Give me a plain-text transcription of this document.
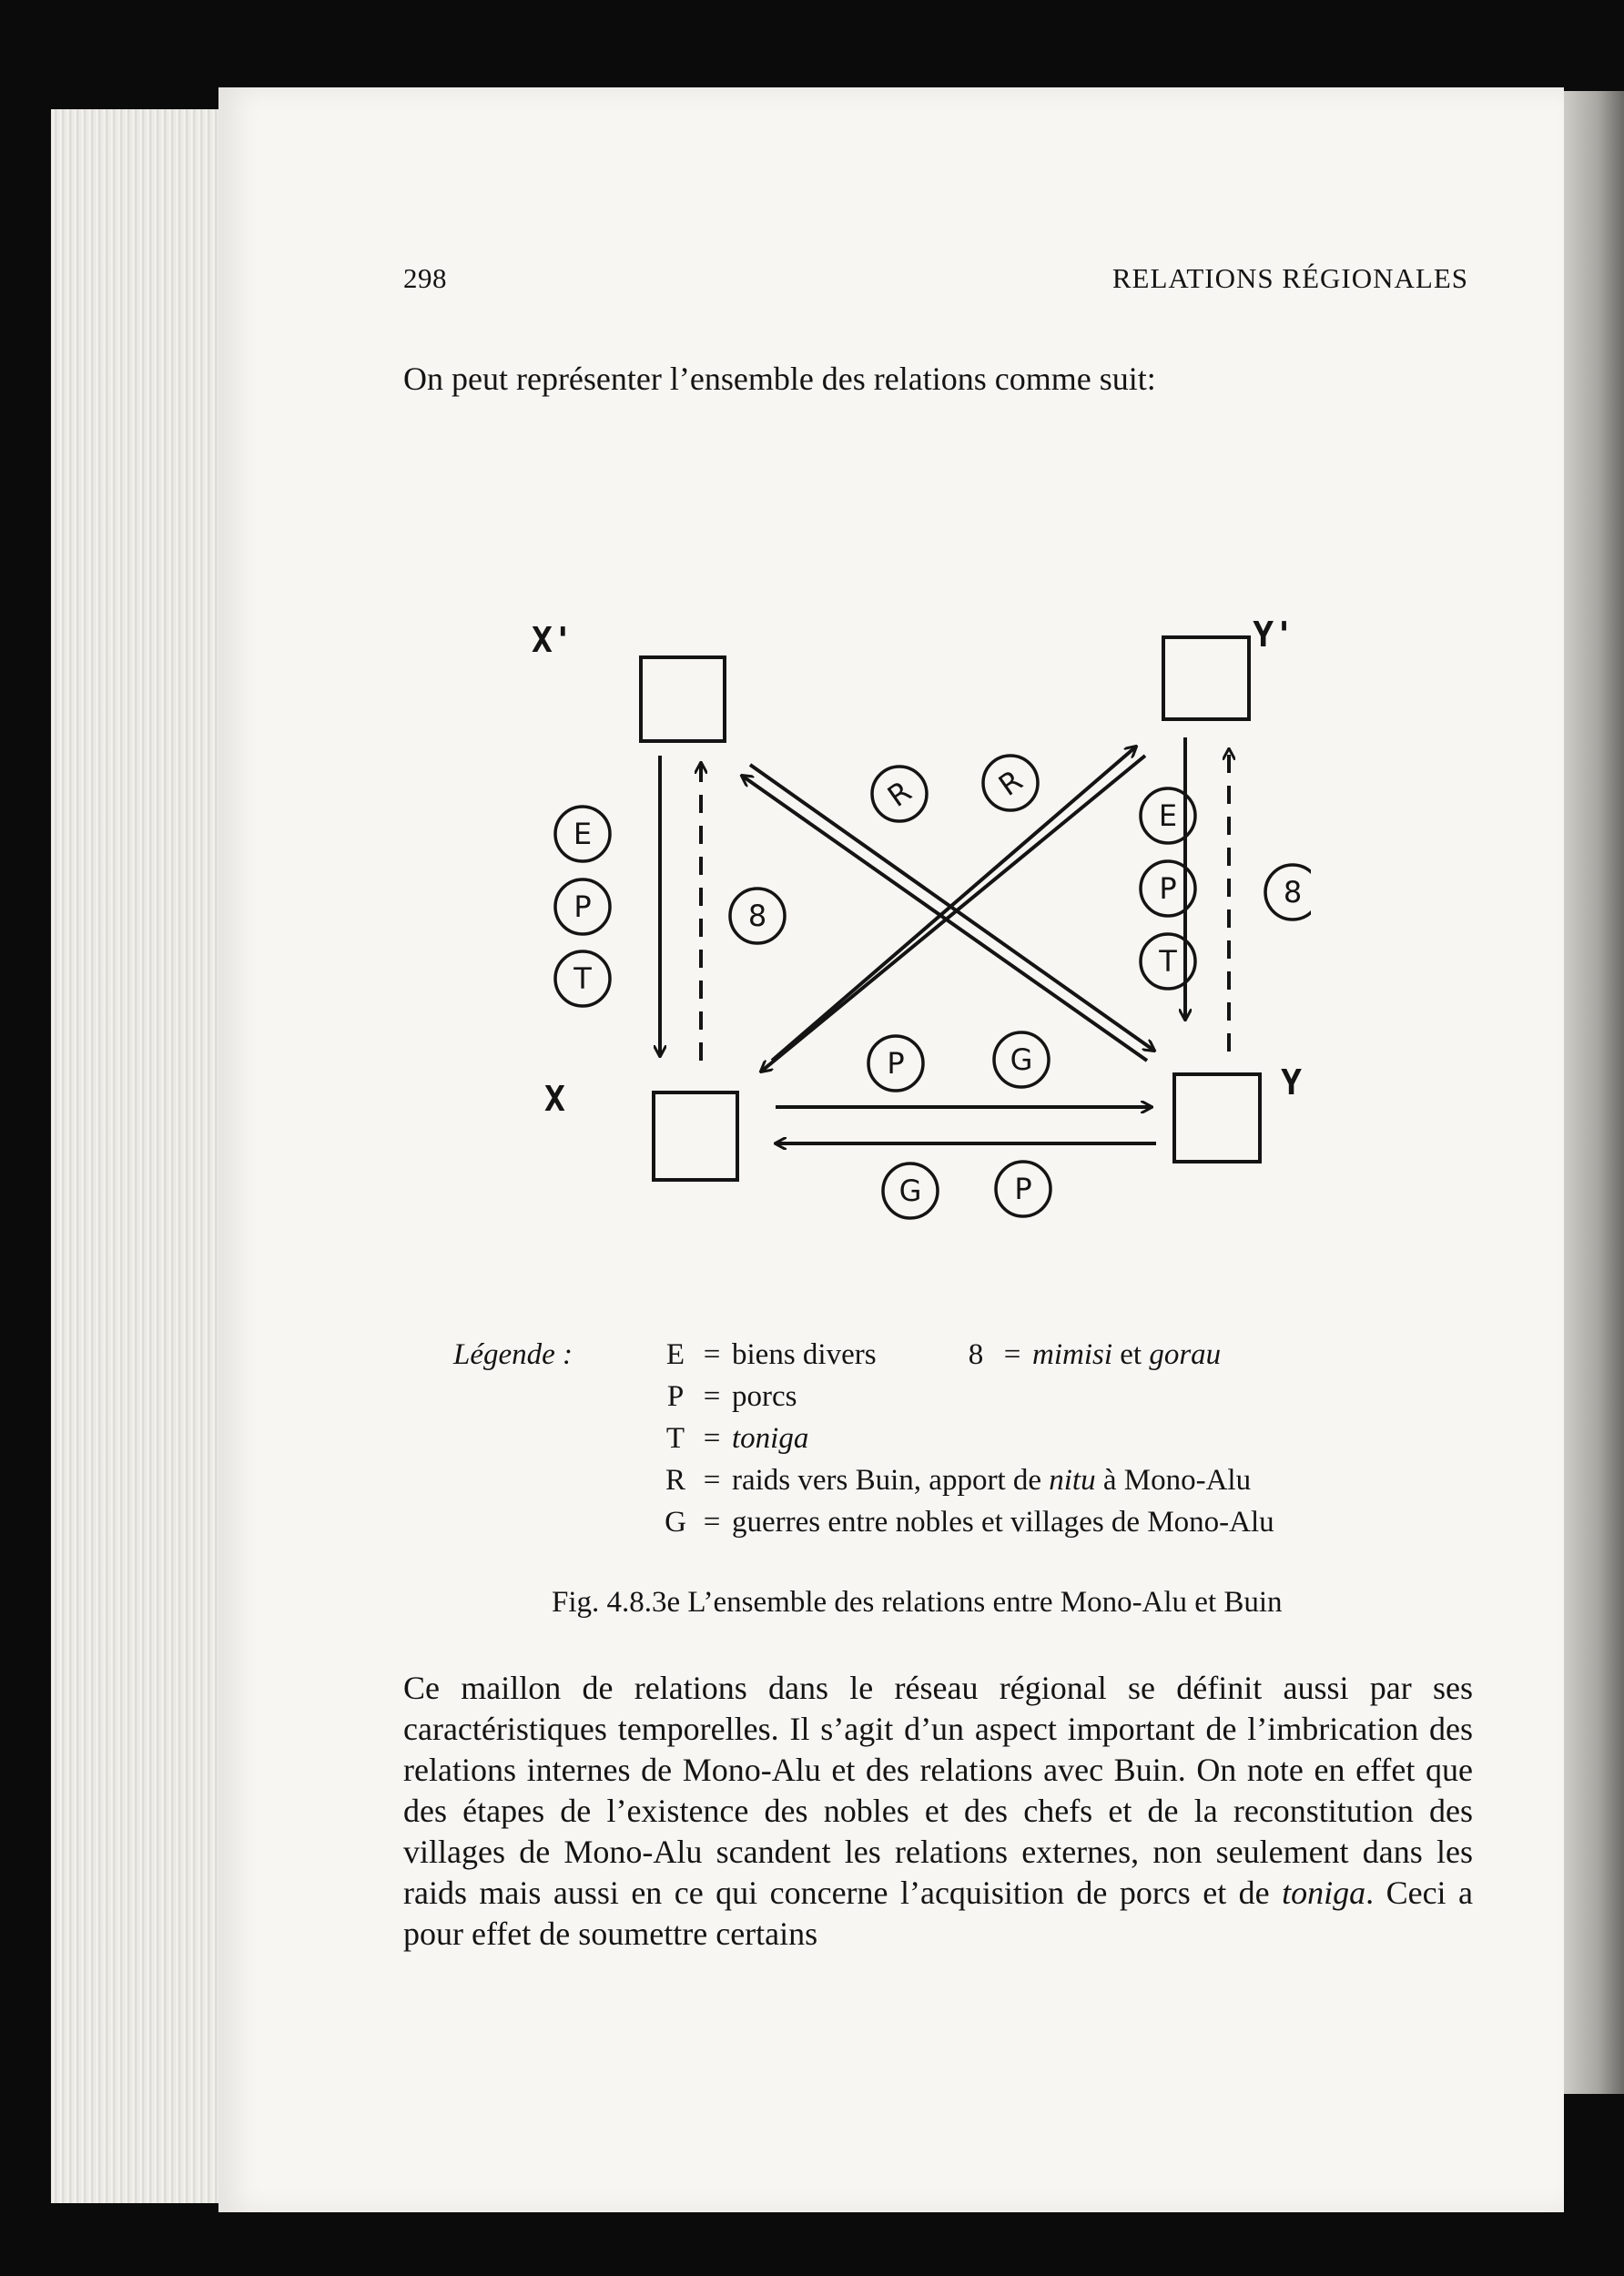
298	RELATIONS RÉGIONALES

On peut représenter l’ensemble des relations comme suit:

X'	Y'
X	Y
E
P
T
8
E
P
T
8
R	R
P	G
G	P
Légende :	E = biens divers
P = porcs
T = toniga
R = raids vers Buin, apport de nitu à Mono-Alu
G = guerres entre nobles et villages de Mono-Alu
8 = mimisi et gorau
Fig. 4.8.3e L’ensemble des relations entre Mono-Alu et Buin

Ce maillon de relations dans le réseau régional se définit aussi par ses caractéristiques temporelles. Il s’agit d’un aspect important de l’imbrication des relations internes de Mono-Alu et des relations avec Buin. On note en effet que des étapes de l’existence des nobles et des chefs et de la reconstitution des villages de Mono-Alu scandent les relations externes, non seulement dans les raids mais aussi en ce qui concerne l’acquisition de porcs et de toniga. Ceci a pour effet de soumettre certains
